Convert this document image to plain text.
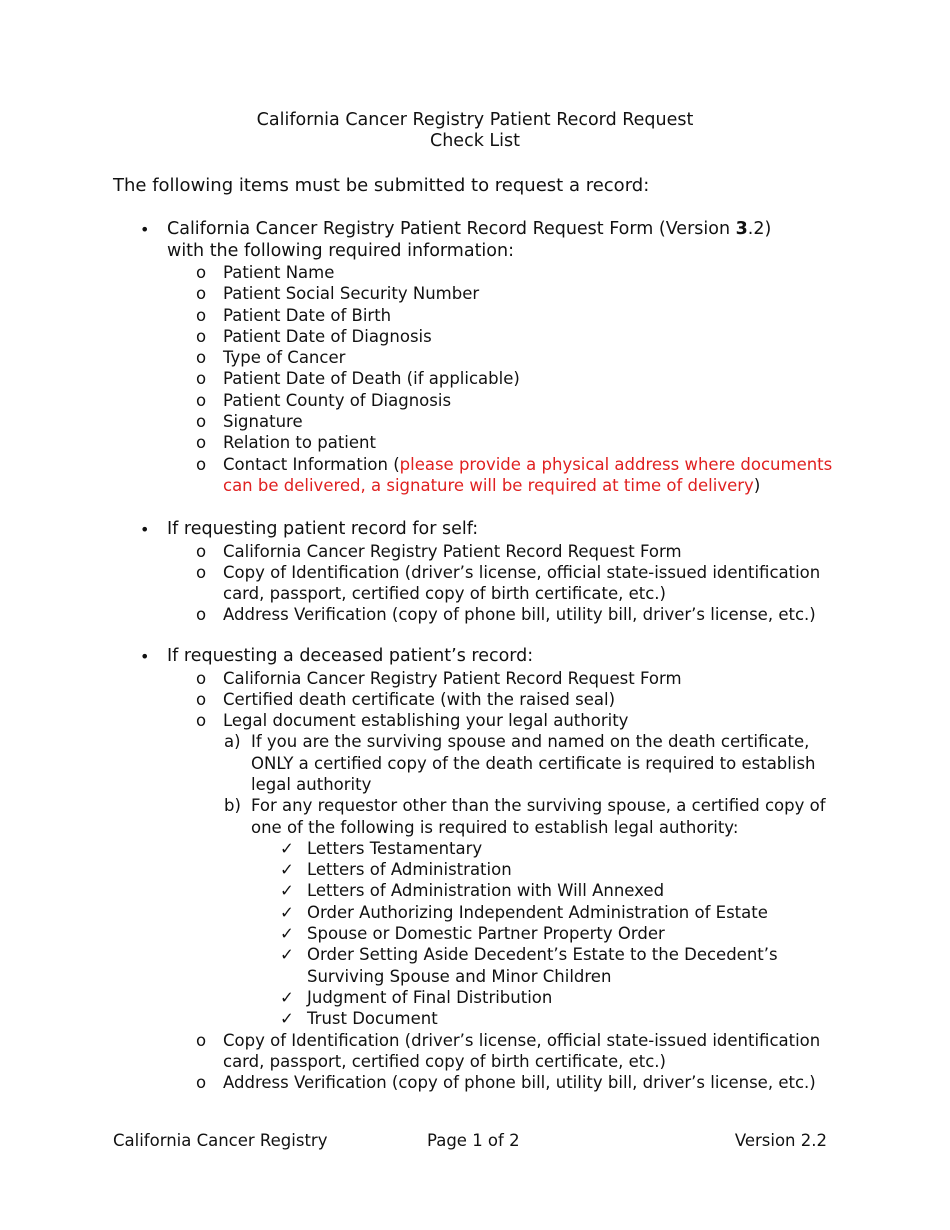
California Cancer Registry Patient Record Request
Check List
The following items must be submitted to request a record:
• California Cancer Registry Patient Record Request Form (Version 3.2)
with the following required information:
o Patient Name
o Patient Social Security Number
o Patient Date of Birth
o Patient Date of Diagnosis
o Type of Cancer
o Patient Date of Death (if applicable)
o Patient County of Diagnosis
o Signature
o Relation to patient
o Contact Information (please provide a physical address where documents can be delivered, a signature will be required at time of delivery)
• If requesting patient record for self:
o California Cancer Registry Patient Record Request Form
o Copy of Identification (driver’s license, official state-issued identification card, passport, certified copy of birth certificate, etc.)
o Address Verification (copy of phone bill, utility bill, driver’s license, etc.)
• If requesting a deceased patient’s record:
o California Cancer Registry Patient Record Request Form
o Certified death certificate (with the raised seal)
o Legal document establishing your legal authority
a) If you are the surviving spouse and named on the death certificate, ONLY a certified copy of the death certificate is required to establish legal authority
b) For any requestor other than the surviving spouse, a certified copy of one of the following is required to establish legal authority:
✓ Letters Testamentary
✓ Letters of Administration
✓ Letters of Administration with Will Annexed
✓ Order Authorizing Independent Administration of Estate
✓ Spouse or Domestic Partner Property Order
✓ Order Setting Aside Decedent’s Estate to the Decedent’s Surviving Spouse and Minor Children
✓ Judgment of Final Distribution
✓ Trust Document
o Copy of Identification (driver’s license, official state-issued identification card, passport, certified copy of birth certificate, etc.)
o Address Verification (copy of phone bill, utility bill, driver’s license, etc.)
California Cancer Registry	Page 1 of 2	Version 2.2
